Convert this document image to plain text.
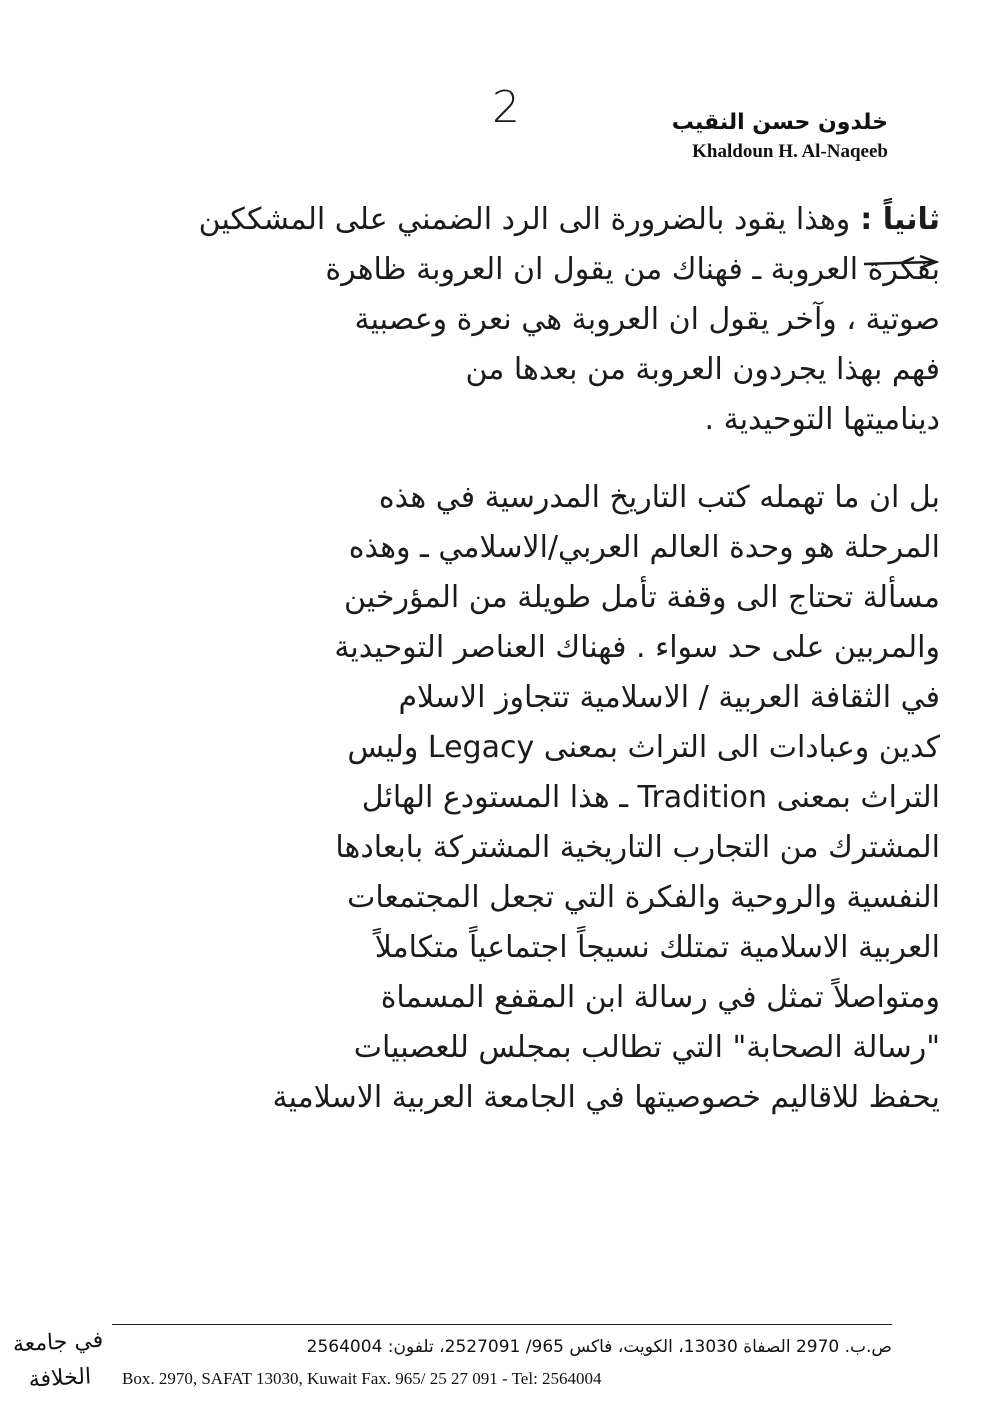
2	خلدون حسن النقيب
Khaldoun H. Al-Naqeeb
ثانياً :وهذا يقود بالضرورة الى الرد الضمني على المشككين
بفكرة العروبة ـ فهناك من يقول ان العروبة ظاهرة
صوتية ، وآخر يقول ان العروبة هي نعرة وعصبية
فهم بهذا يجردون العروبة من بعدها من
ديناميتها التوحيدية .
بل ان ما تهمله كتب التاريخ المدرسية في هذه
المرحلة هو وحدة العالم العربي/الاسلامي ـ وهذه
مسألة تحتاج الى وقفة تأمل طويلة من المؤرخين
والمربين على حد سواء . فهناك العناصر التوحيدية
في الثقافة العربية / الاسلامية تتجاوز الاسلام
كدين وعبادات الى التراث بمعنى Legacy وليس
التراث بمعنى Tradition ـ هذا المستودع الهائل
المشترك من التجارب التاريخية المشتركة بابعادها
النفسية والروحية والفكرة التي تجعل المجتمعات
العربية الاسلامية تمتلك نسيجاً اجتماعياً متكاملاً
ومتواصلاً تمثل في رسالة ابن المقفع المسماة
"رسالة الصحابة" التي تطالب بمجلس للعصبيات
يحفظ للاقاليم خصوصيتها في الجامعة العربية الاسلامية
في جامعة
الخلافة
ص.ب. 2970 الصفاة 13030، الكويت، فاكس 965/ 2527091، تلفون: 2564004
Box. 2970, SAFAT 13030, Kuwait Fax. 965/ 25 27 091 - Tel: 2564004
